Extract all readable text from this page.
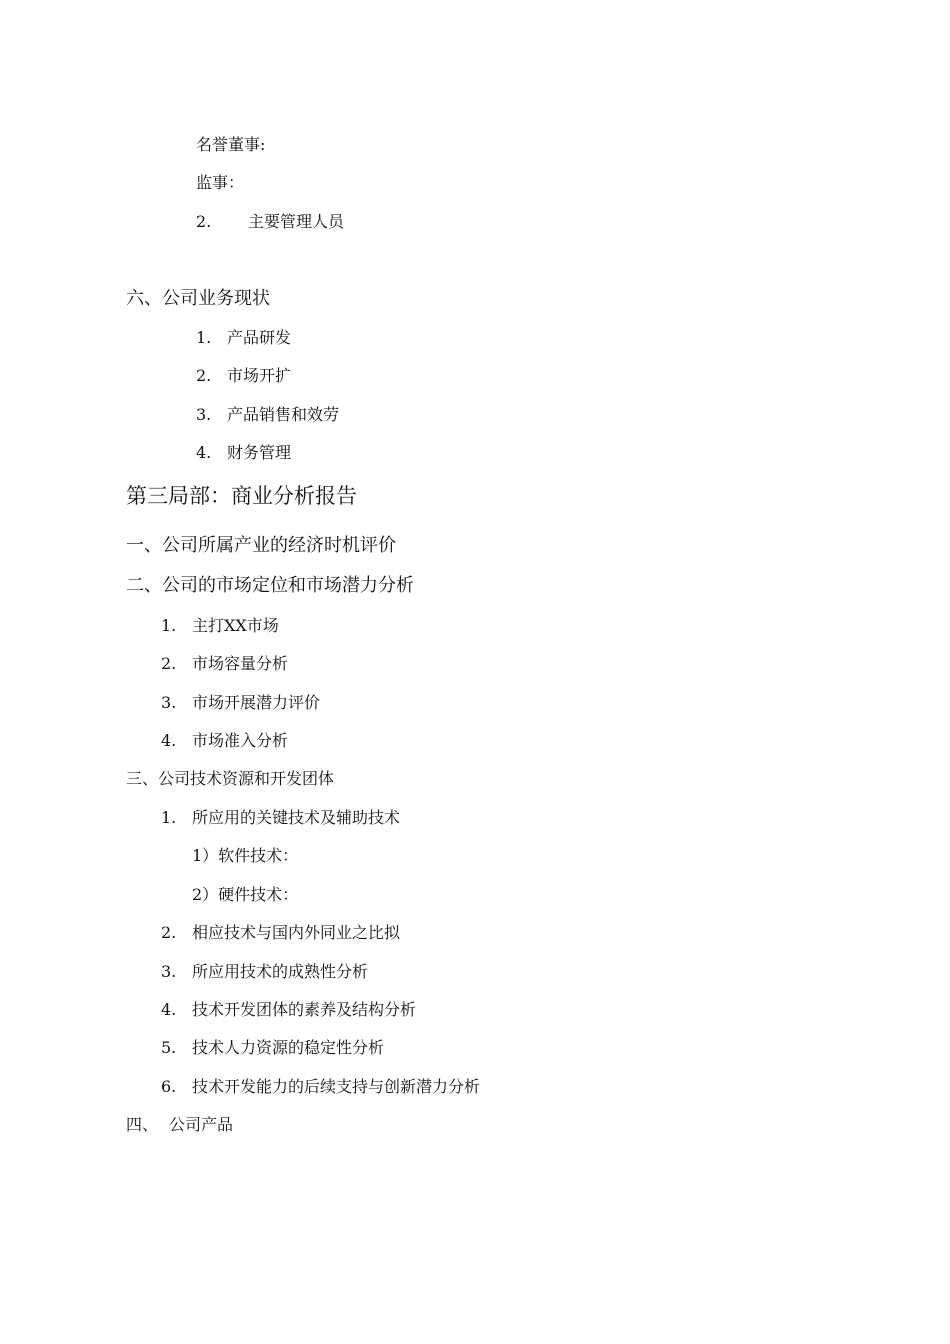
名誉董事:
监事：
2. 主要管理人员
六、公司业务现状
1. 产品研发
2. 市场开扩
3. 产品销售和效劳
4. 财务管理
第三局部：商业分析报告
一、公司所属产业的经济时机评价
二、公司的市场定位和市场潜力分析
1. 主打XX市场
2. 市场容量分析
3. 市场开展潜力评价
4. 市场准入分析
三、公司技术资源和开发团体
1. 所应用的关键技术及辅助技术
1）软件技术：
2）硬件技术：
2. 相应技术与国内外同业之比拟
3. 所应用技术的成熟性分析
4. 技术开发团体的素养及结构分析
5. 技术人力资源的稳定性分析
6. 技术开发能力的后续支持与创新潜力分析
四、 公司产品
